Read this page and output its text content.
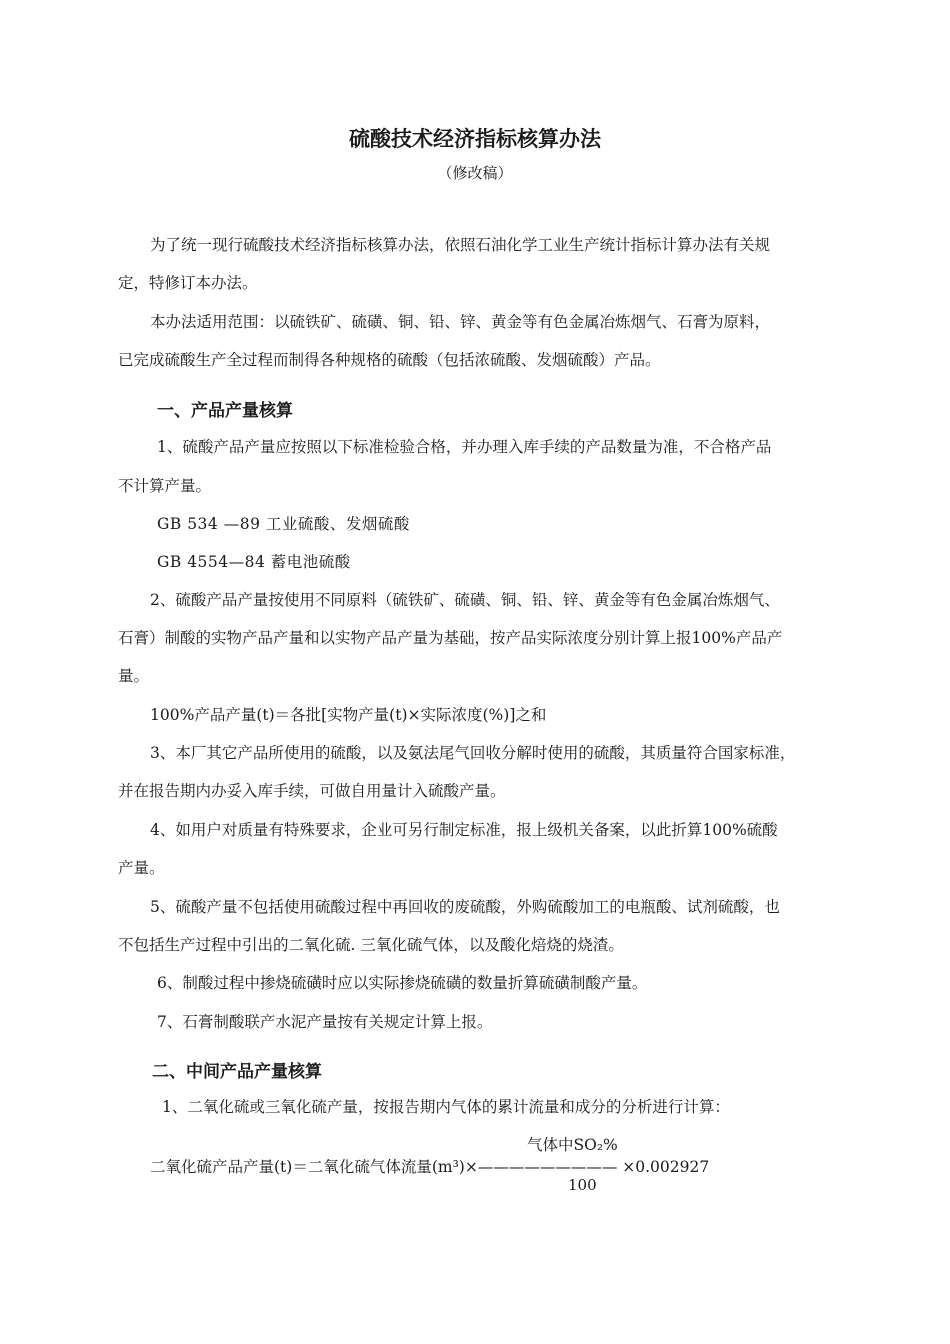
硫酸技术经济指标核算办法
（修改稿）
为了统一现行硫酸技术经济指标核算办法，依照石油化学工业生产统计指标计算办法有关规
定，特修订本办法。
本办法适用范围：以硫铁矿、硫磺、铜、铅、锌、黄金等有色金属冶炼烟气、石膏为原料，
已完成硫酸生产全过程而制得各种规格的硫酸（包括浓硫酸、发烟硫酸）产品。
一、产品产量核算
1、硫酸产品产量应按照以下标准检验合格，并办理入库手续的产品数量为准，不合格产品
不计算产量。
GB 534 —89 工业硫酸、发烟硫酸
GB 4554—84 蓄电池硫酸
2、硫酸产品产量按使用不同原料（硫铁矿、硫磺、铜、铅、锌、黄金等有色金属冶炼烟气、
石膏）制酸的实物产品产量和以实物产品产量为基础，按产品实际浓度分别计算上报100%产品产
量。
100%产品产量(t)＝各批[实物产量(t)×实际浓度(%)]之和
3、本厂其它产品所使用的硫酸，以及氨法尾气回收分解时使用的硫酸，其质量符合国家标准，
并在报告期内办妥入库手续，可做自用量计入硫酸产量。
4、如用户对质量有特殊要求，企业可另行制定标准，报上级机关备案，以此折算100%硫酸
产量。
5、硫酸产量不包括使用硫酸过程中再回收的废硫酸，外购硫酸加工的电瓶酸、试剂硫酸，也
不包括生产过程中引出的二氧化硫. 三氧化硫气体，以及酸化焙烧的烧渣。
6、制酸过程中掺烧硫磺时应以实际掺烧硫磺的数量折算硫磺制酸产量。
7、石膏制酸联产水泥产量按有关规定计算上报。
二、中间产品产量核算
1、二氧化硫或三氧化硫产量，按报告期内气体的累计流量和成分的分析进行计算：
气体中SO₂%
二氧化硫产品产量(t)＝二氧化硫气体流量(m³)×————————— ×0.002927
100
